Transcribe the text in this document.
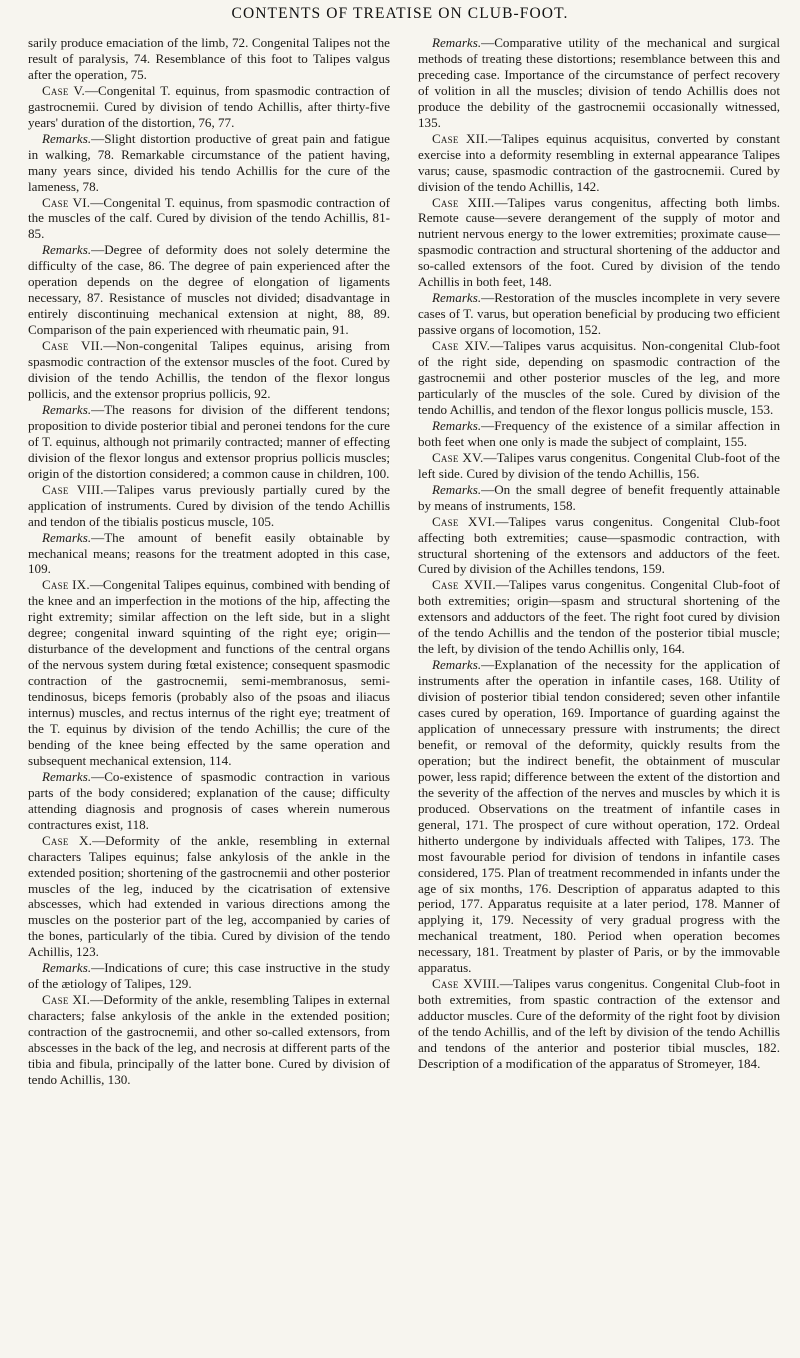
CONTENTS OF TREATISE ON CLUB-FOOT.

sarily produce emaciation of the limb, 72. Congenital Talipes not the result of paralysis, 74. Resemblance of this foot to Talipes valgus after the operation, 75.

Case V.—Congenital T. equinus, from spasmodic contraction of gastrocnemii. Cured by division of tendo Achillis, after thirty-five years' duration of the distortion, 76, 77.

Remarks.—Slight distortion productive of great pain and fatigue in walking, 78. Remarkable circumstance of the patient having, many years since, divided his tendo Achillis for the cure of the lameness, 78.

Case VI.—Congenital T. equinus, from spasmodic contraction of the muscles of the calf. Cured by division of the tendo Achillis, 81-85.

Remarks.—Degree of deformity does not solely determine the difficulty of the case, 86. The degree of pain experienced after the operation depends on the degree of elongation of ligaments necessary, 87. Resistance of muscles not divided; disadvantage in entirely discontinuing mechanical extension at night, 88, 89. Comparison of the pain experienced with rheumatic pain, 91.

Case VII.—Non-congenital Talipes equinus, arising from spasmodic contraction of the extensor muscles of the foot. Cured by division of the tendo Achillis, the tendon of the flexor longus pollicis, and the extensor proprius pollicis, 92.

Remarks.—The reasons for division of the different tendons; proposition to divide posterior tibial and peronei tendons for the cure of T. equinus, although not primarily contracted; manner of effecting division of the flexor longus and extensor proprius pollicis muscles; origin of the distortion considered; a common cause in children, 100.

Case VIII.—Talipes varus previously partially cured by the application of instruments. Cured by division of the tendo Achillis and tendon of the tibialis posticus muscle, 105.

Remarks.—The amount of benefit easily obtainable by mechanical means; reasons for the treatment adopted in this case, 109.

Case IX.—Congenital Talipes equinus, combined with bending of the knee and an imperfection in the motions of the hip, affecting the right extremity; similar affection on the left side, but in a slight degree; congenital inward squinting of the right eye; origin—disturbance of the development and functions of the central organs of the nervous system during fœtal existence; consequent spasmodic contraction of the gastrocnemii, semi-membranosus, semi-tendinosus, biceps femoris (probably also of the psoas and iliacus internus) muscles, and rectus internus of the right eye; treatment of the T. equinus by division of the tendo Achillis; the cure of the bending of the knee being effected by the same operation and subsequent mechanical extension, 114.

Remarks.—Co-existence of spasmodic contraction in various parts of the body considered; explanation of the cause; difficulty attending diagnosis and prognosis of cases wherein numerous contractures exist, 118.

Case X.—Deformity of the ankle, resembling in external characters Talipes equinus; false ankylosis of the ankle in the extended position; shortening of the gastrocnemii and other posterior muscles of the leg, induced by the cicatrisation of extensive abscesses, which had extended in various directions among the muscles on the posterior part of the leg, accompanied by caries of the bones, particularly of the tibia. Cured by division of the tendo Achillis, 123.

Remarks.—Indications of cure; this case instructive in the study of the ætiology of Talipes, 129.

Case XI.—Deformity of the ankle, resembling Talipes in external characters; false ankylosis of the ankle in the extended position; contraction of the gastrocnemii, and other so-called extensors, from abscesses in the back of the leg, and necrosis at different parts of the tibia and fibula, principally of the latter bone. Cured by division of tendo Achillis, 130.

Remarks.—Comparative utility of the mechanical and surgical methods of treating these distortions; resemblance between this and preceding case. Importance of the circumstance of perfect recovery of volition in all the muscles; division of tendo Achillis does not produce the debility of the gastrocnemii occasionally witnessed, 135.

Case XII.—Talipes equinus acquisitus, converted by constant exercise into a deformity resembling in external appearance Talipes varus; cause, spasmodic contraction of the gastrocnemii. Cured by division of the tendo Achillis, 142.

Case XIII.—Talipes varus congenitus, affecting both limbs. Remote cause—severe derangement of the supply of motor and nutrient nervous energy to the lower extremities; proximate cause—spasmodic contraction and structural shortening of the adductor and so-called extensors of the foot. Cured by division of the tendo Achillis in both feet, 148.

Remarks.—Restoration of the muscles incomplete in very severe cases of T. varus, but operation beneficial by producing two efficient passive organs of locomotion, 152.

Case XIV.—Talipes varus acquisitus. Non-congenital Club-foot of the right side, depending on spasmodic contraction of the gastrocnemii and other posterior muscles of the leg, and more particularly of the muscles of the sole. Cured by division of the tendo Achillis, and tendon of the flexor longus pollicis muscle, 153.

Remarks.—Frequency of the existence of a similar affection in both feet when one only is made the subject of complaint, 155.

Case XV.—Talipes varus congenitus. Congenital Club-foot of the left side. Cured by division of the tendo Achillis, 156.

Remarks.—On the small degree of benefit frequently attainable by means of instruments, 158.

Case XVI.—Talipes varus congenitus. Congenital Club-foot affecting both extremities; cause—spasmodic contraction, with structural shortening of the extensors and adductors of the feet. Cured by division of the Achilles tendons, 159.

Case XVII.—Talipes varus congenitus. Congenital Club-foot of both extremities; origin—spasm and structural shortening of the extensors and adductors of the feet. The right foot cured by division of the tendo Achillis and the tendon of the posterior tibial muscle; the left, by division of the tendo Achillis only, 164.

Remarks.—Explanation of the necessity for the application of instruments after the operation in infantile cases, 168. Utility of division of posterior tibial tendon considered; seven other infantile cases cured by operation, 169. Importance of guarding against the application of unnecessary pressure with instruments; the direct benefit, or removal of the deformity, quickly results from the operation; but the indirect benefit, the obtainment of muscular power, less rapid; difference between the extent of the distortion and the severity of the affection of the nerves and muscles by which it is produced. Observations on the treatment of infantile cases in general, 171. The prospect of cure without operation, 172. Ordeal hitherto undergone by individuals affected with Talipes, 173. The most favourable period for division of tendons in infantile cases considered, 175. Plan of treatment recommended in infants under the age of six months, 176. Description of apparatus adapted to this period, 177. Apparatus requisite at a later period, 178. Manner of applying it, 179. Necessity of very gradual progress with the mechanical treatment, 180. Period when operation becomes necessary, 181. Treatment by plaster of Paris, or by the immovable apparatus.

Case XVIII.—Talipes varus congenitus. Congenital Club-foot in both extremities, from spastic contraction of the extensor and adductor muscles. Cure of the deformity of the right foot by division of the tendo Achillis, and of the left by division of the tendo Achillis and tendons of the anterior and posterior tibial muscles, 182. Description of a modification of the apparatus of Stromeyer, 184.
